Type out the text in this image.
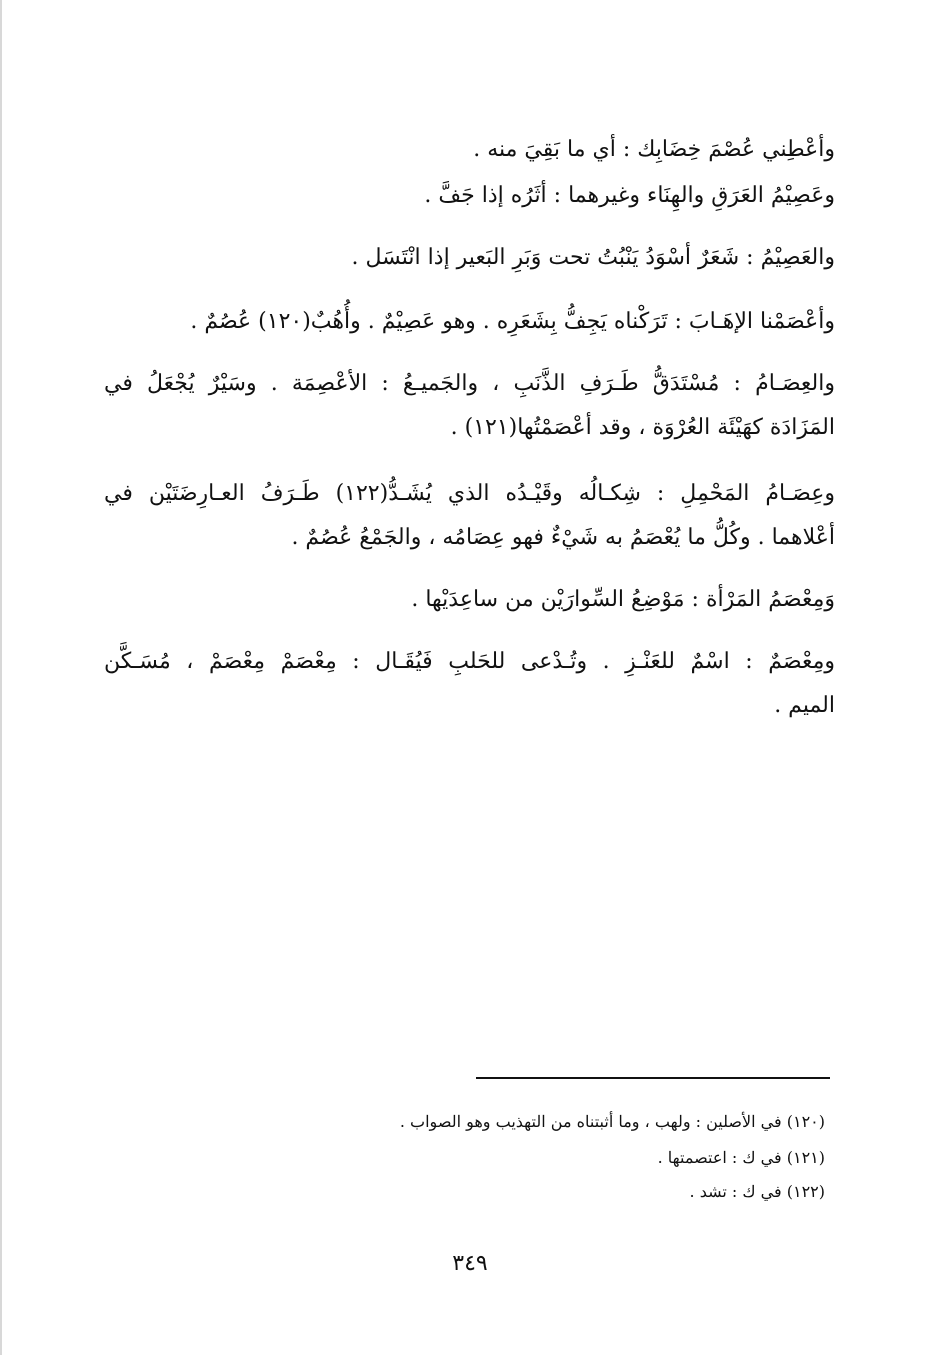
وأعْطِني عُصْمَ خِضَابِك : أي ما بَقِيَ منه .
وعَصِيْمُ العَرَقِ والهِنَاء وغيرهما : أثَرُه إذا جَفَّ .
والعَصِيْمُ : شَعَرٌ أسْوَدُ يَنْبُتُ تحت وَبَرِ البَعير إذا انْتَسَل .
وأعْصَمْنا الإهَـابَ : تَرَكْناه يَجِفُّ بِشَعَرِه . وهو عَصِيْمٌ . وأُهُبٌ(١٢٠) عُصُمٌ .
والعِصَـامُ : مُسْتَدَقُّ طَـرَفِ الذَّنَبِ ، والجَميـعُ : الأعْصِمَة . وسَيْرٌ يُجْعَلُ في
المَزَادَة كهَيْئَة العُرْوَة ، وقد أعْصَمْتُها(١٢١) .
وعِصَـامُ المَحْمِلِ : شِكـالُه وقَيْـدُه الذي يُشَـدُّ(١٢٢) طَـرَفُ العـارِضَتَيْن في
أعْلاهما . وكُلُّ ما يُعْصَمُ به شَيْءٌ فهو عِصَامُه ، والجَمْعُ عُصُمٌ .
وَمِعْصَمُ المَرْأة : مَوْضِعُ السِّوارَيْن من ساعِدَيْها .
ومِعْصَمٌ : اسْمٌ للعَنْـزِ . وتُـدْعى للحَلبِ فَيُقَـال : مِعْصَمْ مِعْصَمْ ، مُسَـكَّن
الميم .
(١٢٠) في الأصلين : ولهب ، وما أثبتناه من التهذيب وهو الصواب .
(١٢١) في ك : اعتصمتها .
(١٢٢) في ك : تشد .
٣٤٩
